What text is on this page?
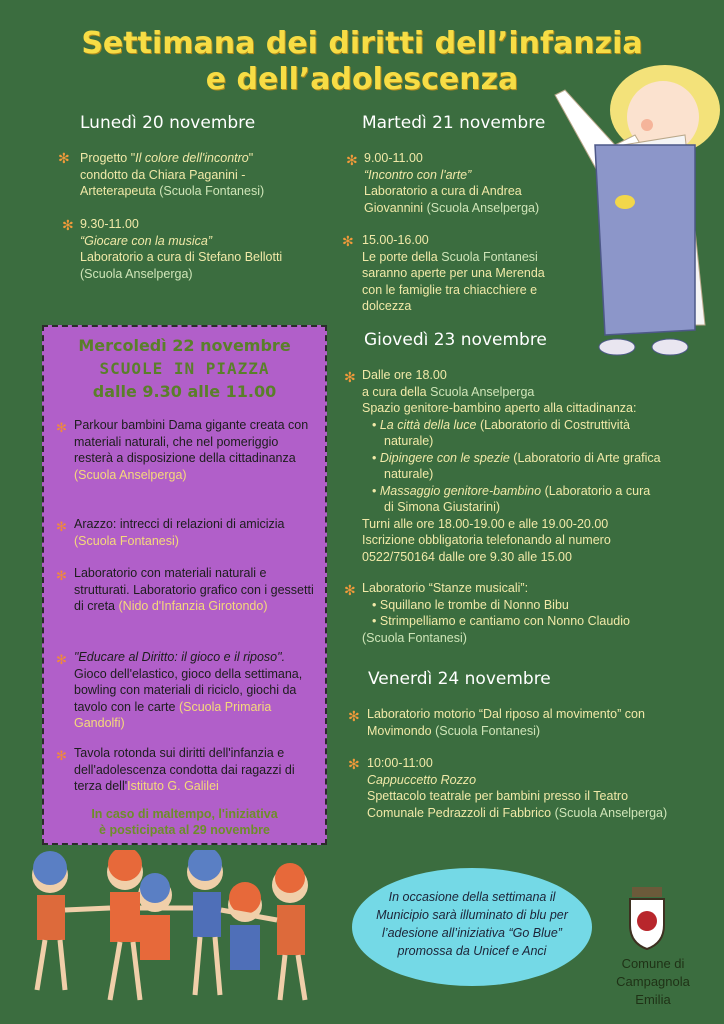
Settimana dei diritti dell’infanzia
e dell’adolescenza
Lunedì 20 novembre
✻ Progetto "Il colore dell'incontro"
condotto da Chiara Paganini -
Arteterapeuta (Scuola Fontanesi)
✻ 9.30-11.00
“Giocare con la musica”
Laboratorio a cura di Stefano Bellotti
(Scuola Anselperga)
Martedì 21 novembre
✻ 9.00-11.00
“Incontro con l'arte”
Laboratorio a cura di Andrea
Giovannini (Scuola Anselperga)
✻ 15.00-16.00
Le porte della Scuola Fontanesi
saranno aperte per una Merenda
con le famiglie tra chiacchiere e
dolcezza
Mercoledì 22 novembre
SCUOLE IN PIAZZA
dalle 9.30 alle 11.00
✻ Parkour bambini Dama gigante creata con materiali naturali, che nel pomeriggio resterà a disposizione della cittadinanza (Scuola Anselperga)
✻ Arazzo: intrecci di relazioni di amicizia (Scuola Fontanesi)
✻ Laboratorio con materiali naturali e strutturati. Laboratorio grafico con i gessetti di creta (Nido d'Infanzia Girotondo)
✻ "Educare al Diritto: il gioco e il riposo". Gioco dell'elastico, gioco della settimana, bowling con materiali di riciclo, giochi da tavolo con le carte (Scuola Primaria Gandolfi)
✻ Tavola rotonda sui diritti dell'infanzia e dell'adolescenza condotta dai ragazzi di terza dell'Istituto G. Galilei
In caso di maltempo, l'iniziativa
è posticipata al 29 novembre
Giovedì 23 novembre
✻ Dalle ore 18.00
a cura della Scuola Anselperga
Spazio genitore-bambino aperto alla cittadinanza:
• La città della luce (Laboratorio di Costruttività
naturale)
• Dipingere con le spezie (Laboratorio di Arte grafica
naturale)
• Massaggio genitore-bambino (Laboratorio a cura
di Simona Giustarini)
Turni alle ore 18.00-19.00 e alle 19.00-20.00
Iscrizione obbligatoria telefonando al numero
0522/750164 dalle ore 9.30 alle 15.00
✻ Laboratorio “Stanze musicali”:
• Squillano le trombe di Nonno Bibu
• Strimpelliamo e cantiamo con Nonno Claudio
(Scuola Fontanesi)
Venerdì 24 novembre
✻ Laboratorio motorio “Dal riposo al movimento” con
Movimondo (Scuola Fontanesi)
✻ 10:00-11:00
Cappuccetto Rozzo
Spettacolo teatrale per bambini presso il Teatro
Comunale Pedrazzoli di Fabbrico (Scuola Anselperga)
In occasione della settimana il Municipio sarà illuminato di blu per l’adesione all’iniziativa “Go Blue” promossa da Unicef e Anci
Comune di Campagnola Emilia
